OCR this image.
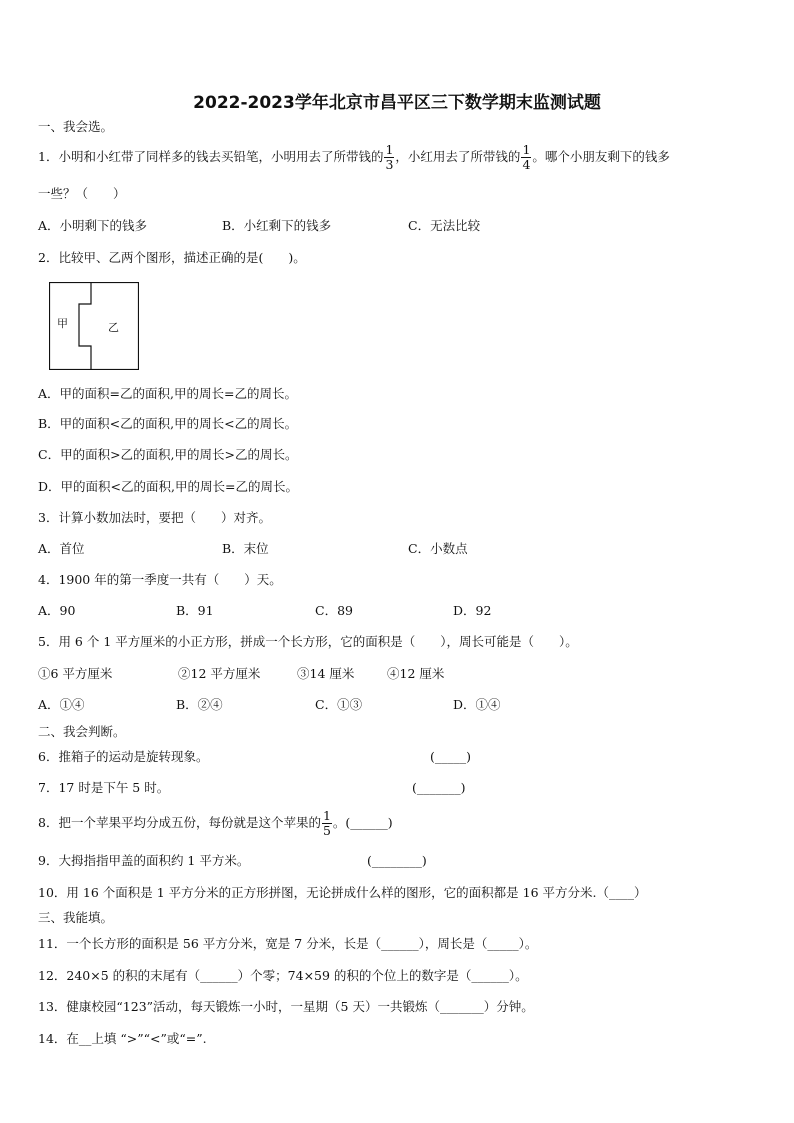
2022-2023学年北京市昌平区三下数学期末监测试题
一、我会选。
1．小明和小红带了同样多的钱去买铅笔，小明用去了所带钱的 $\frac{1}{3}$ ，小红用去了所带钱的 $\frac{1}{4}$ 。哪个小朋友剩下的钱多
一些？（　　）
A．小明剩下的钱多	B．小红剩下的钱多	C．无法比较
2．比较甲、乙两个图形，描述正确的是(　　)。
甲	乙
A．甲的面积=乙的面积,甲的周长=乙的周长。
B．甲的面积<乙的面积,甲的周长<乙的周长。
C．甲的面积>乙的面积,甲的周长>乙的周长。
D．甲的面积<乙的面积,甲的周长=乙的周长。
3．计算小数加法时，要把（　　）对齐。
A．首位	B．末位	C．小数点
4．1900 年的第一季度一共有（　　）天。
A．90	B．91	C．89	D．92
5．用 6 个 1 平方厘米的小正方形，拼成一个长方形，它的面积是（　　），周长可能是（　　）。
①6 平方厘米	②12 平方厘米	③14 厘米	④12 厘米
A．①④	B．②④	C．①③	D．①④
二、我会判断。
6．推箱子的运动是旋转现象。	(_____)
7．17 时是下午 5 时。	(_______)
8．把一个苹果平均分成五份，每份就是这个苹果的 $\frac{1}{5}$ 。(______)
9．大拇指指甲盖的面积约 1 平方米。	(________)
10．用 16 个面积是 1 平方分米的正方形拼图，无论拼成什么样的图形，它的面积都是 16 平方分米.（____）
三、我能填。
11．一个长方形的面积是 56 平方分米，宽是 7 分米，长是（______），周长是（_____）。
12．240×5 的积的末尾有（______）个零；74×59 的积的个位上的数字是（______）。
13．健康校园“123”活动，每天锻炼一小时，一星期（5 天）一共锻炼（_______）分钟。
14．在__上填 “>”“<”或“=”.
